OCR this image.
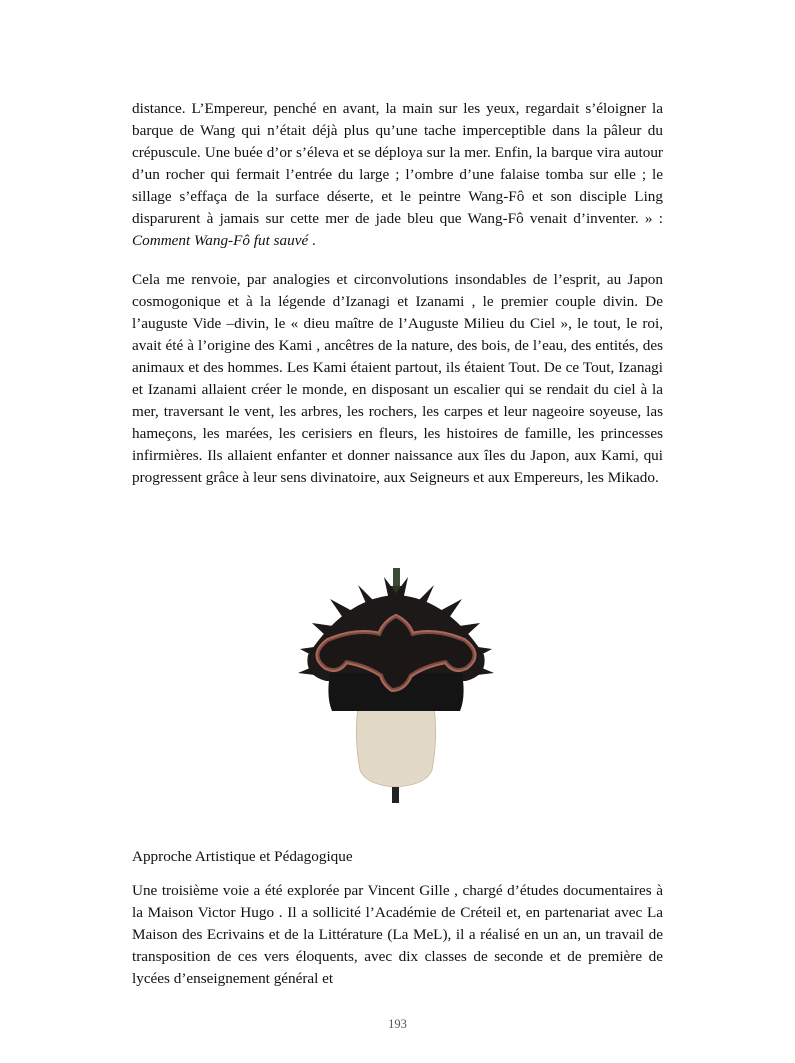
distance. L’Empereur, penché en avant, la main sur les yeux, regardait s’éloigner la barque de Wang qui n’était déjà plus qu’une tache imperceptible dans la pâleur du crépuscule. Une buée d’or s’éleva et se déploya sur la mer. Enfin, la barque vira autour d’un rocher qui fermait l’entrée du large ; l’ombre d’une falaise tomba sur elle ; le sillage s’effaça de la surface déserte, et le peintre Wang-Fô et son disciple Ling disparurent à jamais sur cette mer de jade bleu que Wang-Fô venait d’inventer. » : Comment Wang-Fô fut sauvé .

Cela me renvoie, par analogies et circonvolutions insondables de l’esprit, au Japon cosmogonique et à la légende d’Izanagi et Izanami , le premier couple divin. De l’auguste Vide –divin, le « dieu maître de l’Auguste Milieu du Ciel », le tout, le roi, avait été à l’origine des Kami , ancêtres de la nature, des bois, de l’eau, des entités, des animaux et des hommes. Les Kami étaient partout, ils étaient Tout. De ce Tout, Izanagi et Izanami allaient créer le monde, en disposant un escalier qui se rendait du ciel à la mer, traversant le vent, les arbres, les rochers, les carpes et leur nageoire soyeuse, las hameçons, les marées, les cerisiers en fleurs, les histoires de famille, les princesses infirmières. Ils allaient enfanter et donner naissance aux îles du Japon, aux Kami, qui progressent grâce à leur sens divinatoire, aux Seigneurs et aux Empereurs, les Mikado.

Approche Artistique et Pédagogique

Une troisième voie a été explorée par Vincent Gille , chargé d’études documentaires à la Maison Victor Hugo . Il a sollicité l’Académie de Créteil et, en partenariat avec La Maison des Ecrivains et de la Littérature (La MeL), il a réalisé en un an, un travail de transposition de ces vers éloquents, avec dix classes de seconde et de première de lycées d’enseignement général et

193
